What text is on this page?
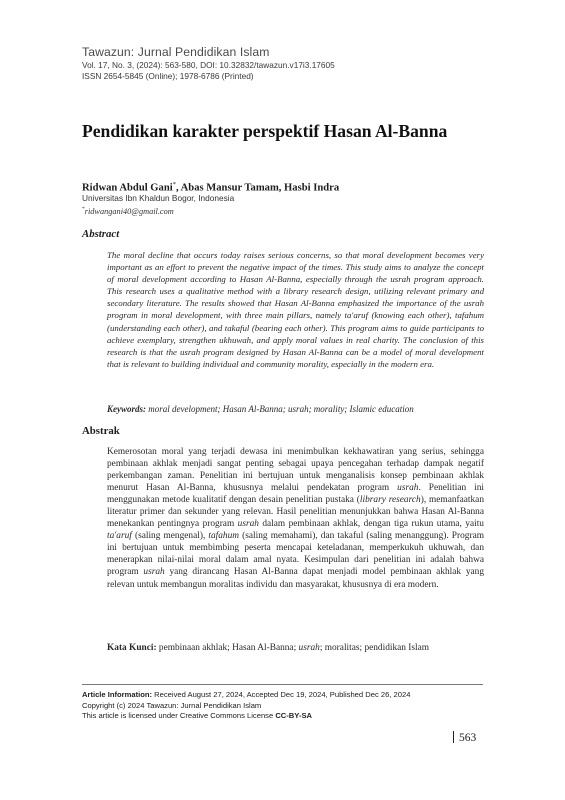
Tawazun: Jurnal Pendidikan Islam
Vol. 17, No. 3, (2024): 563-580, DOI: 10.32832/tawazun.v17i3.17605
ISSN 2654-5845 (Online); 1978-6786 (Printed)
Pendidikan karakter perspektif Hasan Al-Banna
Ridwan Abdul Gani*, Abas Mansur Tamam, Hasbi Indra
Universitas Ibn Khaldun Bogor, Indonesia
*ridwangani40@gmail.com
Abstract
The moral decline that occurs today raises serious concerns, so that moral development becomes very important as an effort to prevent the negative impact of the times. This study aims to analyze the concept of moral development according to Hasan Al-Banna, especially through the usrah program approach. This research uses a qualitative method with a library research design, utilizing relevant primary and secondary literature. The results showed that Hasan Al-Banna emphasized the importance of the usrah program in moral development, with three main pillars, namely ta'aruf (knowing each other), tafahum (understanding each other), and takaful (bearing each other). This program aims to guide participants to achieve exemplary, strengthen ukhuwah, and apply moral values in real charity. The conclusion of this research is that the usrah program designed by Hasan Al-Banna can be a model of moral development that is relevant to building individual and community morality, especially in the modern era.
Keywords: moral development; Hasan Al-Banna; usrah; morality; Islamic education
Abstrak
Kemerosotan moral yang terjadi dewasa ini menimbulkan kekhawatiran yang serius, sehingga pembinaan akhlak menjadi sangat penting sebagai upaya pencegahan terhadap dampak negatif perkembangan zaman. Penelitian ini bertujuan untuk menganalisis konsep pembinaan akhlak menurut Hasan Al-Banna, khususnya melalui pendekatan program usrah. Penelitian ini menggunakan metode kualitatif dengan desain penelitian pustaka (library research), memanfaatkan literatur primer dan sekunder yang relevan. Hasil penelitian menunjukkan bahwa Hasan Al-Banna menekankan pentingnya program usrah dalam pembinaan akhlak, dengan tiga rukun utama, yaitu ta'aruf (saling mengenal), tafahum (saling memahami), dan takaful (saling menanggung). Program ini bertujuan untuk membimbing peserta mencapai keteladanan, memperkukuh ukhuwah, dan menerapkan nilai-nilai moral dalam amal nyata. Kesimpulan dari penelitian ini adalah bahwa program usrah yang dirancang Hasan Al-Banna dapat menjadi model pembinaan akhlak yang relevan untuk membangun moralitas individu dan masyarakat, khususnya di era modern.
Kata Kunci: pembinaan akhlak; Hasan Al-Banna; usrah; moralitas; pendidikan Islam
Article Information: Received August 27, 2024, Accepted Dec 19, 2024, Published Dec 26, 2024
Copyright (c) 2024 Tawazun: Jurnal Pendidikan Islam
This article is licensed under Creative Commons License CC-BY-SA
563
